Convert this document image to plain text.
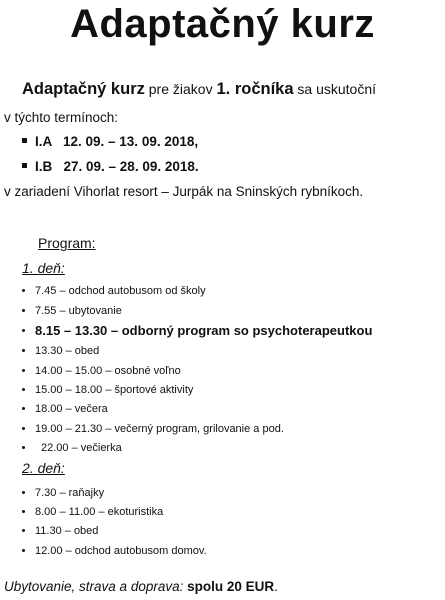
Adaptačný kurz
Adaptačný kurz pre žiakov 1. ročníka sa uskutoční
v týchto termínoch:
I.A   12. 09. – 13. 09. 2018,
I.B   27. 09. – 28. 09. 2018.
v zariadení Vihorlat resort – Jurpák na Sninských rybníkoch.
Program:
1. deň:
7.45 – odchod autobusom od školy
7.55 – ubytovanie
8.15 – 13.30 – odborný program so psychoterapeutkou
13.30 – obed
14.00 – 15.00 – osobné voľno
15.00 – 18.00 – športové aktivity
18.00 – večera
19.00 – 21.30 – večerný program, grilovanie a pod.
22.00 – večierka
2. deň:
7.30 – raňajky
8.00 – 11.00 – ekoturistika
11.30 – obed
12.00 – odchod autobusom domov.
Ubytovanie, strava a doprava: spolu 20 EUR.
